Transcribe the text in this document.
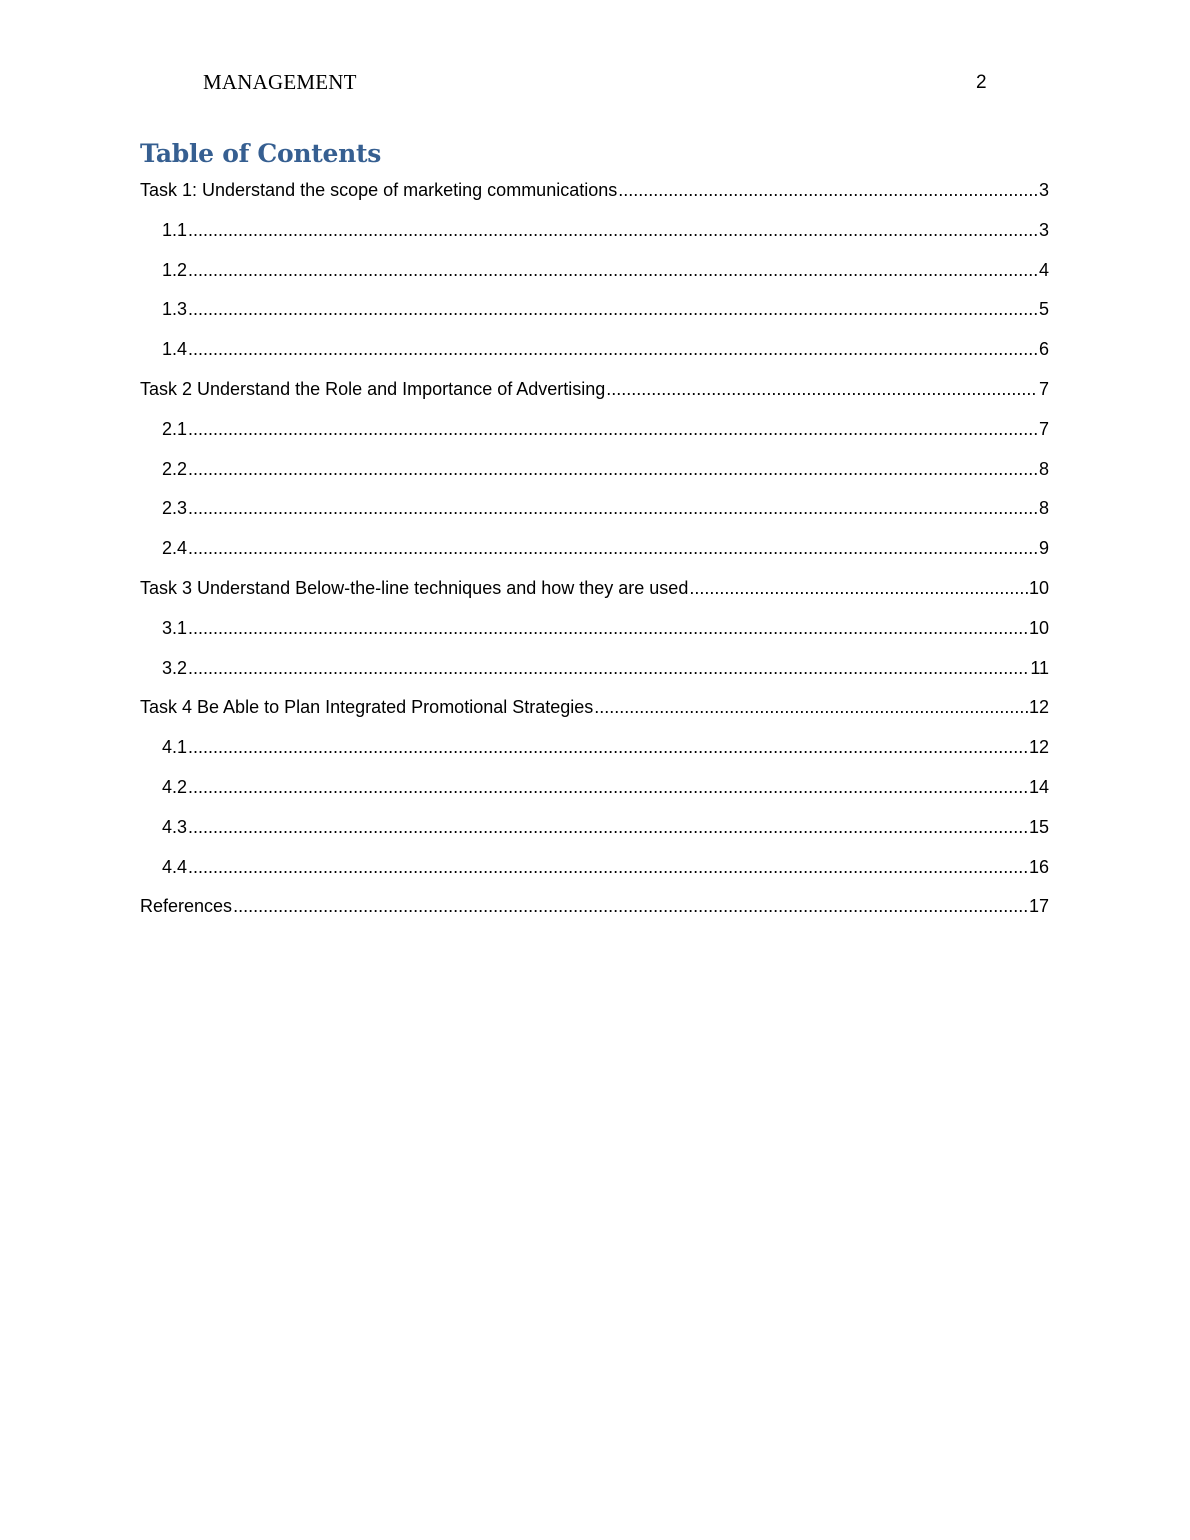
MANAGEMENT	2
Table of Contents
Task 1: Understand the scope of marketing communications .....	3
1.1 .....	3
1.2 .....	4
1.3 .....	5
1.4 .....	6
Task 2 Understand the Role and Importance of Advertising .....	7
2.1 .....	7
2.2 .....	8
2.3 .....	8
2.4 .....	9
Task 3 Understand Below-the-line techniques and how they are used .....	10
3.1 .....	10
3.2 .....	11
Task 4 Be Able to Plan Integrated Promotional Strategies .....	12
4.1 .....	12
4.2 .....	14
4.3 .....	15
4.4 .....	16
References .....	17
